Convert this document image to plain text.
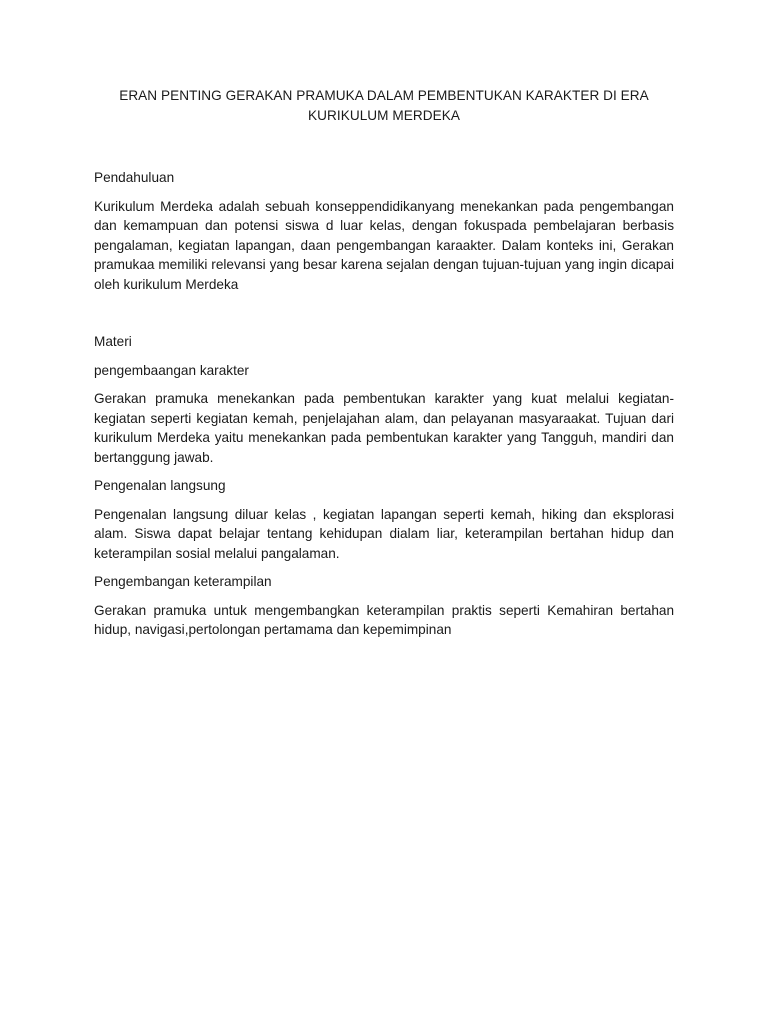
ERAN PENTING GERAKAN PRAMUKA DALAM PEMBENTUKAN KARAKTER DI ERA KURIKULUM MERDEKA
Pendahuluan
Kurikulum Merdeka adalah sebuah konseppendidikanyang menekankan pada pengembangan dan kemampuan dan potensi siswa d luar kelas, dengan fokuspada pembelajaran berbasis pengalaman, kegiatan lapangan, daan pengembangan karaakter. Dalam konteks ini, Gerakan pramukaa memiliki relevansi yang besar karena sejalan dengan tujuan-tujuan yang ingin dicapai oleh kurikulum Merdeka
Materi
pengembaangan karakter
Gerakan pramuka menekankan pada pembentukan karakter yang kuat melalui kegiatan-kegiatan seperti kegiatan kemah, penjelajahan alam, dan pelayanan masyaraakat. Tujuan dari kurikulum Merdeka yaitu menekankan pada pembentukan karakter yang Tangguh, mandiri dan bertanggung jawab.
Pengenalan langsung
Pengenalan langsung diluar kelas , kegiatan lapangan seperti kemah, hiking dan eksplorasi alam. Siswa dapat belajar tentang kehidupan dialam liar, keterampilan bertahan hidup dan keterampilan sosial melalui pangalaman.
Pengembangan keterampilan
Gerakan pramuka untuk mengembangkan keterampilan praktis seperti Kemahiran bertahan hidup, navigasi,pertolongan pertamama dan kepemimpinan
